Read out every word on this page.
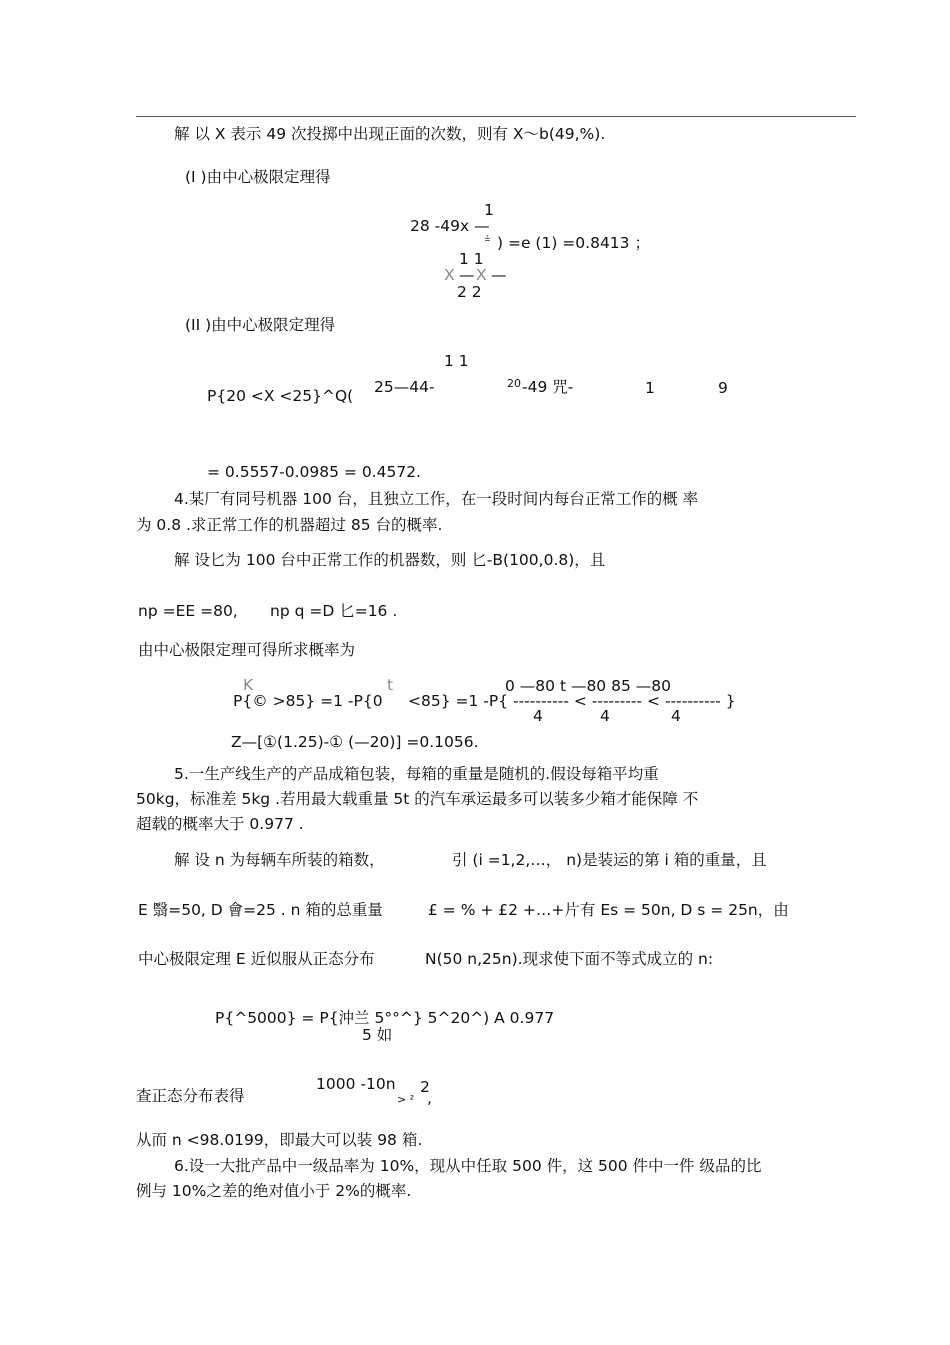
解 以 X 表示 49 次投掷中出现正面的次数，则有 X～b(49,%).
(I )由中心极限定理得
1
28 -49x —
≟ ) =e (1) =0.8413 ；
1 1
X — X —
2 2
(II )由中心极限定理得
1 1
P{20 <X <25}^Q( 25—44-	20 -49 咒-	1	9
= 0.5557-0.0985 = 0.4572.
4.某厂有同号机器 100 台，且独立工作，在一段时间内每台正常工作的概 率
为 0.8 .求正常工作的机器超过 85 台的概率.
解 设匕为 100 台中正常工作的机器数，则 匕-B(100,0.8)，且
np =EE =80, np q =D 匕=16 .
由中心极限定理可得所求概率为
K	t	0 —80 t —80 85 —80
P{© >85} =1 -P{0 <85} =1 -P{ ---------- < --------- < ---------- }
4	4	4
Z—[①(1.25)-① (—20)] =0.1056.
5.一生产线生产的产品成箱包装，每箱的重量是随机的.假设每箱平均重
50kg，标准差 5kg .若用最大载重量 5t 的汽车承运最多可以装多少箱才能保障 不
超载的概率大于 0.977 .
解 设 n 为每辆车所装的箱数，	引 (i =1,2,…， n)是装运的第 i 箱的重量，且
E 翳=50, D 會=25 . n 箱的总重量	£ = % + £2 +…+片有 Es = 50n, D s = 25n，由
中心极限定理 E 近似服从正态分布	N(50 n,25n).现求使下面不等式成立的 n:
P{^5000} = P{沖兰 5°°^} 5^20^) A 0.977
5 如
查正态分布表得
1000 -10n
> ²
2
,
从而 n <98.0199，即最大可以装 98 箱.
6.设一大批产品中一级品率为 10%，现从中任取 500 件，这 500 件中一件 级品的比
例与 10%之差的绝对值小于 2%的概率.
